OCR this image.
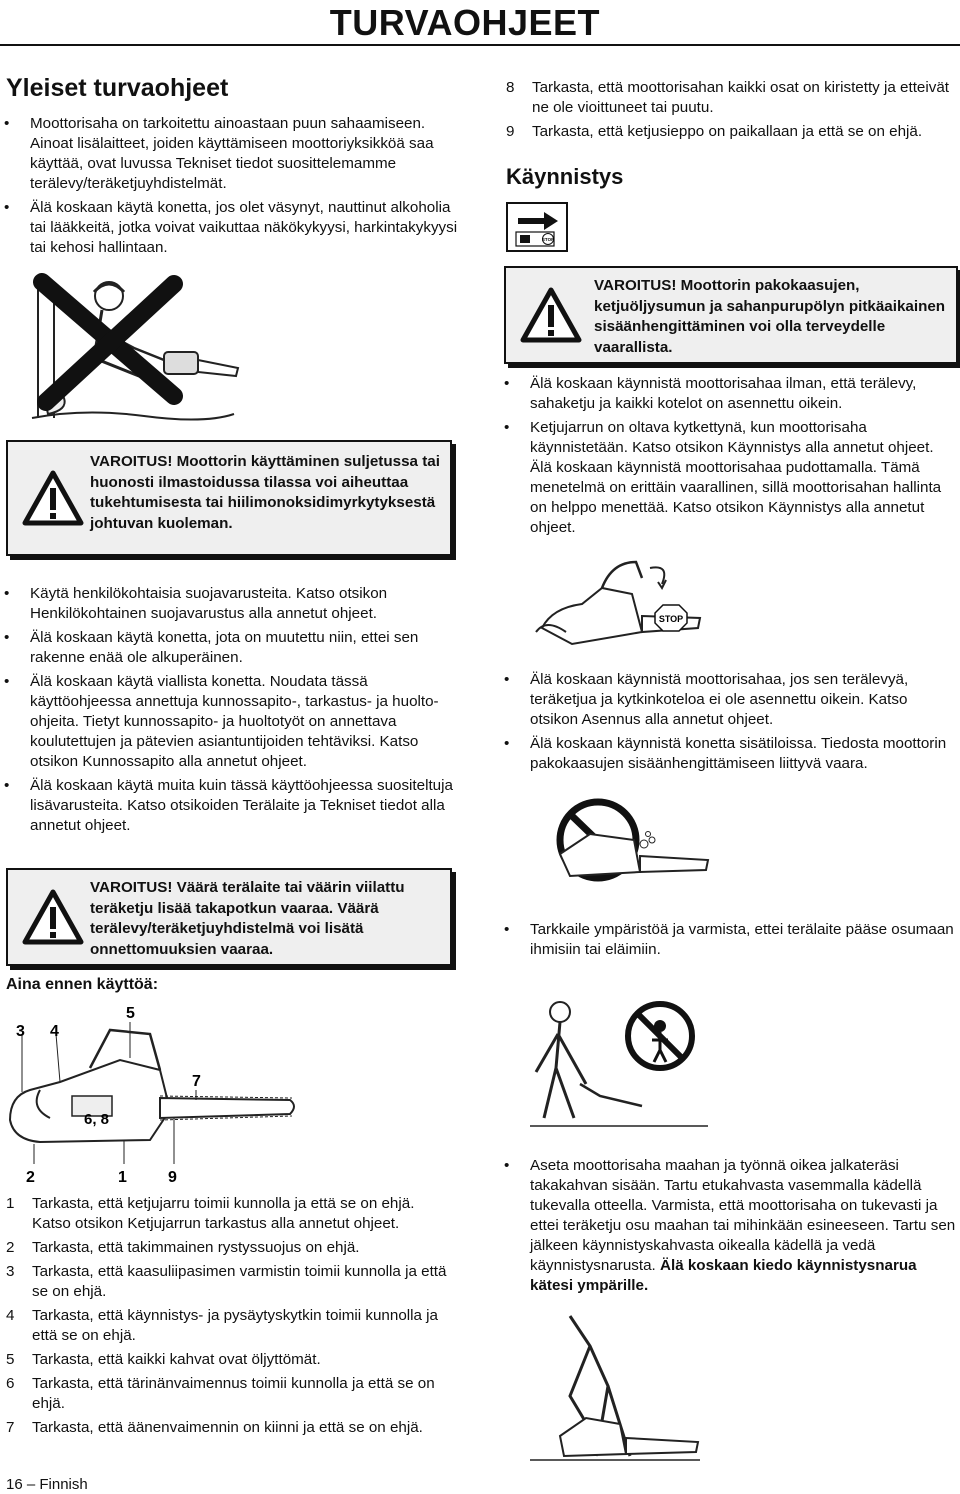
TURVAOHJEET
Yleiset turvaohjeet
• Moottorisaha on tarkoitettu ainoastaan puun sahaamiseen. Ainoat lisälaitteet, joiden käyttämiseen moottoriyksikköä saa käyttää, ovat luvussa Tekniset tiedot suosittelemamme terälevy/teräketjuyhdistelmät.
• Älä koskaan käytä konetta, jos olet väsynyt, nauttinut alkoholia tai lääkkeitä, jotka voivat vaikuttaa näkökykyysi, harkintakykyysi tai kehosi hallintaan.
VAROITUS! Moottorin käyttäminen suljetussa tai huonosti ilmastoidussa tilassa voi aiheuttaa tukehtumisesta tai hiilimonoksidimyrkytyksestä johtuvan kuoleman.
• Käytä henkilökohtaisia suojavarusteita. Katso otsikon Henkilökohtainen suojavarustus alla annetut ohjeet.
• Älä koskaan käytä konetta, jota on muutettu niin, ettei sen rakenne enää ole alkuperäinen.
• Älä koskaan käytä viallista konetta. Noudata tässä käyttöohjeessa annettuja kunnossapito-, tarkastus- ja huolto-ohjeita. Tietyt kunnossapito- ja huoltotyöt on annettava koulutettujen ja pätevien asiantuntijoiden tehtäviksi. Katso otsikon Kunnossapito alla annetut ohjeet.
• Älä koskaan käytä muita kuin tässä käyttöohjeessa suositeltuja lisävarusteita. Katso otsikoiden Terälaite ja Tekniset tiedot alla annetut ohjeet.
VAROITUS! Väärä terälaite tai väärin viilattu teräketju lisää takapotkun vaaraa. Väärä terälevy/teräketjuyhdistelmä voi lisätä onnettomuuksien vaaraa.
Aina ennen käyttöä:
3 4
5
7
6, 8
2	1	9
1 Tarkasta, että ketjujarru toimii kunnolla ja että se on ehjä. Katso otsikon Ketjujarrun tarkastus alla annetut ohjeet.
2 Tarkasta, että takimmainen rystyssuojus on ehjä.
3 Tarkasta, että kaasuliipasimen varmistin toimii kunnolla ja että se on ehjä.
4 Tarkasta, että käynnistys- ja pysäytyskytkin toimii kunnolla ja että se on ehjä.
5 Tarkasta, että kaikki kahvat ovat öljyttömät.
6 Tarkasta, että tärinänvaimennus toimii kunnolla ja että se on ehjä.
7 Tarkasta, että äänenvaimennin on kiinni ja että se on ehjä.
16 – Finnish
8 Tarkasta, että moottorisahan kaikki osat on kiristetty ja etteivät ne ole vioittuneet tai puutu.
9 Tarkasta, että ketjusieppo on paikallaan ja että se on ehjä.
Käynnistys
STOP
VAROITUS! Moottorin pakokaasujen, ketjuöljysumun ja sahanpurupölyn pitkäaikainen sisäänhengittäminen voi olla terveydelle vaarallista.
• Älä koskaan käynnistä moottorisahaa ilman, että terälevy, sahaketju ja kaikki kotelot on asennettu oikein.
• Ketjujarrun on oltava kytkettynä, kun moottorisaha käynnistetään. Katso otsikon Käynnistys alla annetut ohjeet. Älä koskaan käynnistä moottorisahaa pudottamalla. Tämä menetelmä on erittäin vaarallinen, sillä moottorisahan hallinta on helppo menettää. Katso otsikon Käynnistys alla annetut ohjeet.
STOP
• Älä koskaan käynnistä moottorisahaa, jos sen terälevyä, teräketjua ja kytkinkoteloa ei ole asennettu oikein. Katso otsikon Asennus alla annetut ohjeet.
• Älä koskaan käynnistä konetta sisätiloissa. Tiedosta moottorin pakokaasujen sisäänhengittämiseen liittyvä vaara.
• Tarkkaile ympäristöä ja varmista, ettei terälaite pääse osumaan ihmisiin tai eläimiin.
• Aseta moottorisaha maahan ja työnnä oikea jalkateräsi takakahvan sisään. Tartu etukahvasta vasemmalla kädellä tukevalla otteella. Varmista, että moottorisaha on tukevasti ja ettei teräketju osu maahan tai mihinkään esineeseen. Tartu sen jälkeen käynnistyskahvasta oikealla kädellä ja vedä käynnistysnarusta. Älä koskaan kiedo käynnistysnarua kätesi ympärille.
